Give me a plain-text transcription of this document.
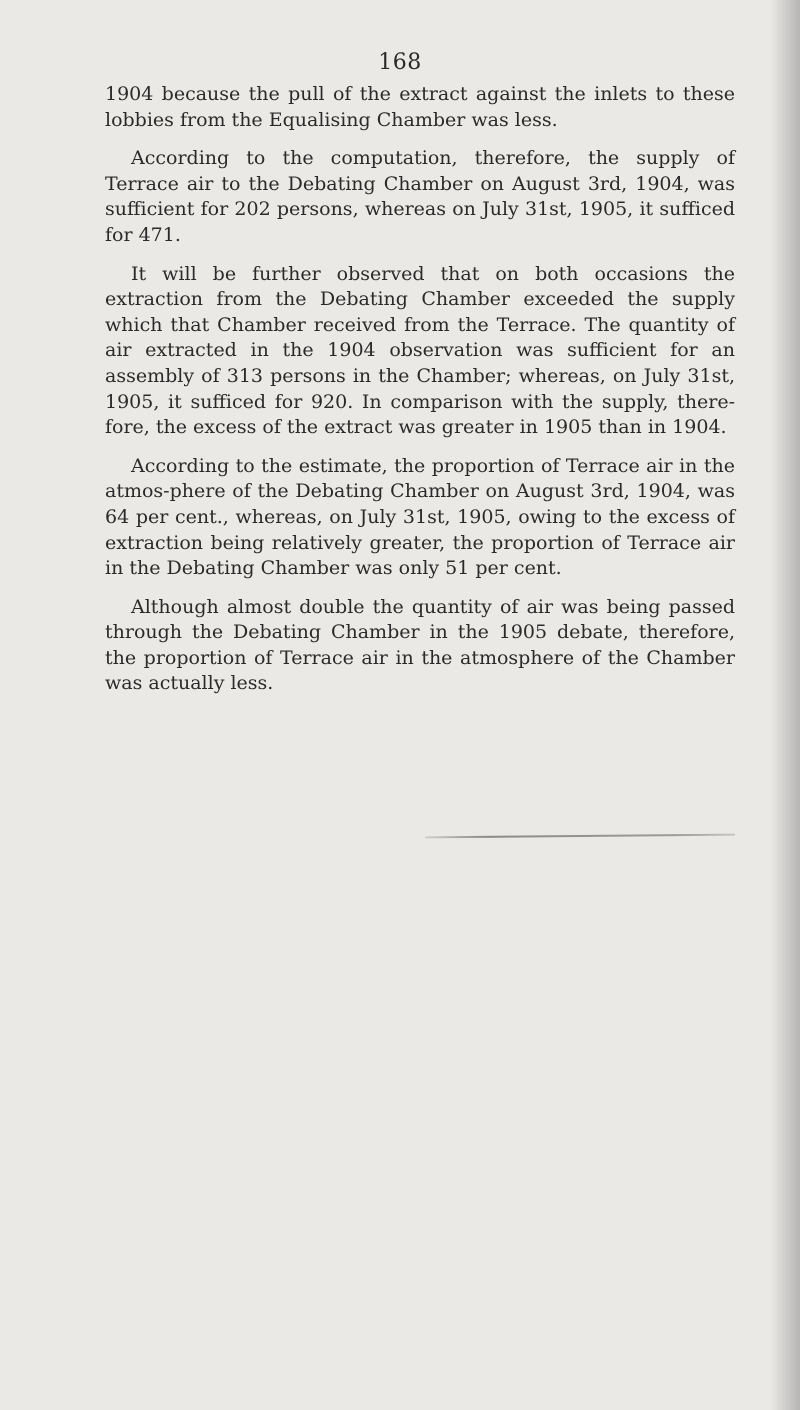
168

1904 because the pull of the extract against the inlets to these lobbies from the Equalising Chamber was less.

According to the computation, therefore, the supply of Terrace air to the Debating Chamber on August 3rd, 1904, was sufficient for 202 persons, whereas on July 31st, 1905, it sufficed for 471.

It will be further observed that on both occasions the extraction from the Debating Chamber exceeded the supply which that Chamber received from the Terrace. The quantity of air extracted in the 1904 observation was sufficient for an assembly of 313 persons in the Chamber; whereas, on July 31st, 1905, it sufficed for 920. In comparison with the supply, there-fore, the excess of the extract was greater in 1905 than in 1904.

According to the estimate, the proportion of Terrace air in the atmos-phere of the Debating Chamber on August 3rd, 1904, was 64 per cent., whereas, on July 31st, 1905, owing to the excess of extraction being relatively greater, the proportion of Terrace air in the Debating Chamber was only 51 per cent.

Although almost double the quantity of air was being passed through the Debating Chamber in the 1905 debate, therefore, the proportion of Terrace air in the atmosphere of the Chamber was actually less.
